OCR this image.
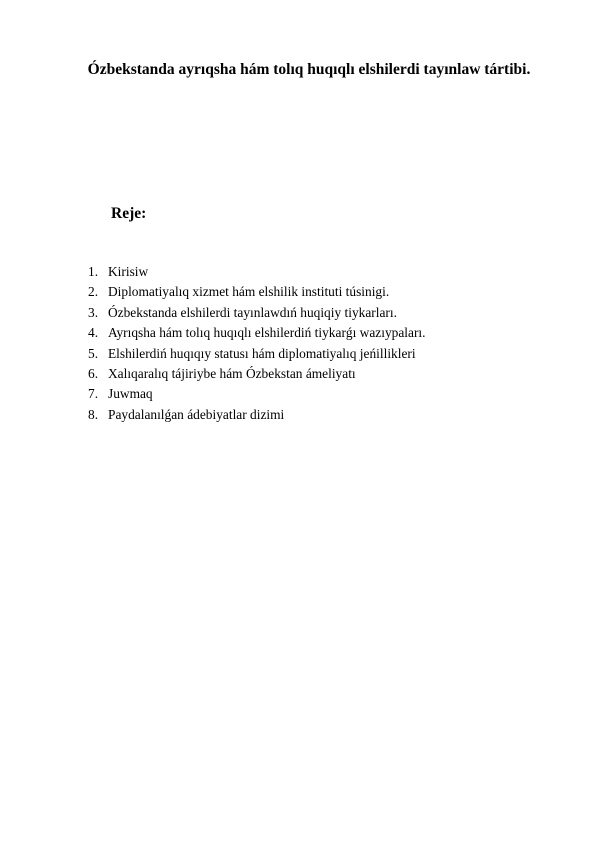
Ózbekstanda ayrıqsha hám tolıq huqıqlı elshilerdi tayınlaw tártibi.
Reje:
1. Kirisiw
2. Diplomatiyalıq xizmet hám elshilik instituti túsinigi.
3. Ózbekstanda elshilerdi tayınlawdıń huqiqiy tiykarları.
4. Ayrıqsha hám tolıq huqıqlı elshilerdiń tiykarǵı wazıypaları.
5. Elshilerdiń huqıqıy statusı hám diplomatiyalıq jeńillikleri
6. Xalıqaralıq tájiriybe hám Ózbekstan ámeliyatı
7. Juwmaq
8. Paydalanılǵan ádebiyatlar dizimi
